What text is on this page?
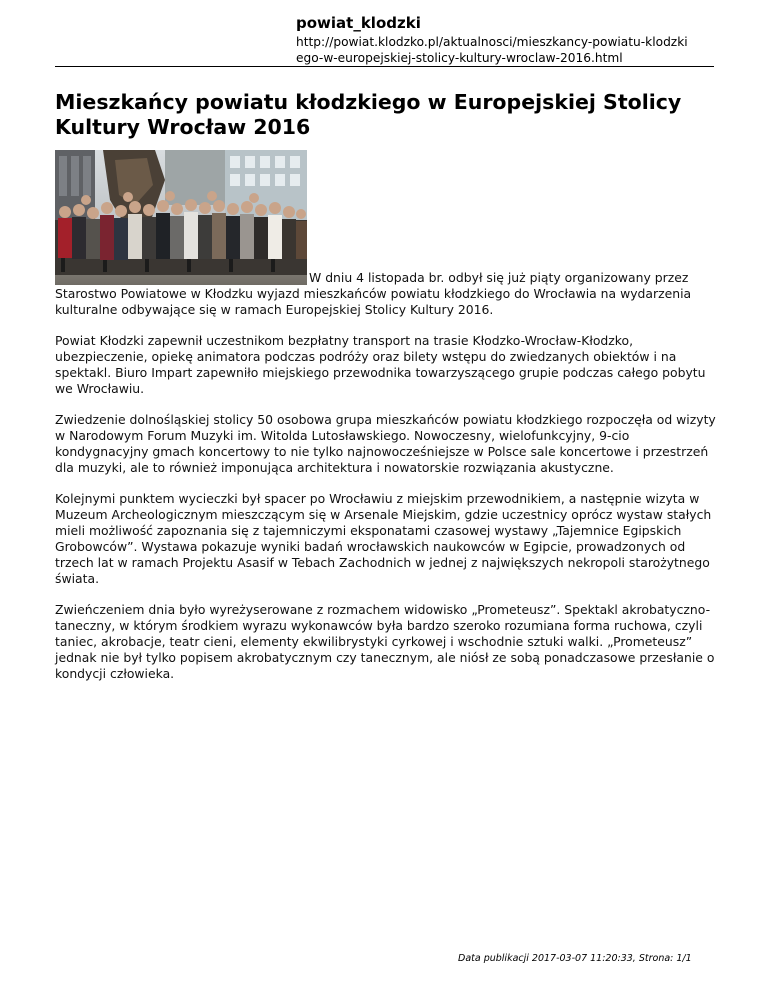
powiat_klodzki
http://powiat.klodzko.pl/aktualnosci/mieszkancy-powiatu-klodzki
ego-w-europejskiej-stolicy-kultury-wroclaw-2016.html
Mieszkańcy powiatu kłodzkiego w Europejskiej Stolicy Kultury Wrocław 2016

W dniu 4 listopada br. odbył się już piąty organizowany przez Starostwo Powiatowe w Kłodzku wyjazd mieszkańców powiatu kłodzkiego do Wrocławia na wydarzenia kulturalne odbywające się w ramach Europejskiej Stolicy Kultury 2016.

Powiat Kłodzki zapewnił uczestnikom bezpłatny transport na trasie Kłodzko-Wrocław-Kłodzko, ubezpieczenie, opiekę animatora podczas podróży oraz bilety wstępu do zwiedzanych obiektów i na spektakl. Biuro Impart zapewniło miejskiego przewodnika towarzyszącego grupie podczas całego pobytu we Wrocławiu.

Zwiedzenie dolnośląskiej stolicy 50 osobowa grupa mieszkańców powiatu kłodzkiego rozpoczęła od wizyty w Narodowym Forum Muzyki im. Witolda Lutosławskiego. Nowoczesny, wielofunkcyjny, 9-cio kondygnacyjny gmach koncertowy to nie tylko najnowocześniejsze w Polsce sale koncertowe i przestrzeń dla muzyki, ale to również imponująca architektura i nowatorskie rozwiązania akustyczne.

Kolejnymi punktem wycieczki był spacer po Wrocławiu z miejskim przewodnikiem, a następnie wizyta w Muzeum Archeologicznym mieszczącym się w Arsenale Miejskim, gdzie uczestnicy oprócz wystaw stałych mieli możliwość zapoznania się z tajemniczymi eksponatami czasowej wystawy „Tajemnice Egipskich Grobowców”. Wystawa pokazuje wyniki badań wrocławskich naukowców w Egipcie, prowadzonych od trzech lat w ramach Projektu Asasif w Tebach Zachodnich w jednej z największych nekropoli starożytnego świata.

Zwieńczeniem dnia było wyreżyserowane z rozmachem widowisko „Prometeusz”. Spektakl akrobatyczno-taneczny, w którym środkiem wyrazu wykonawców była bardzo szeroko rozumiana forma ruchowa, czyli taniec, akrobacje, teatr cieni, elementy ekwilibrystyki cyrkowej i wschodnie sztuki walki. „Prometeusz” jednak nie był tylko popisem akrobatycznym czy tanecznym, ale niósł ze sobą ponadczasowe przesłanie o kondycji człowieka.

Data publikacji 2017-03-07 11:20:33, Strona: 1/1
